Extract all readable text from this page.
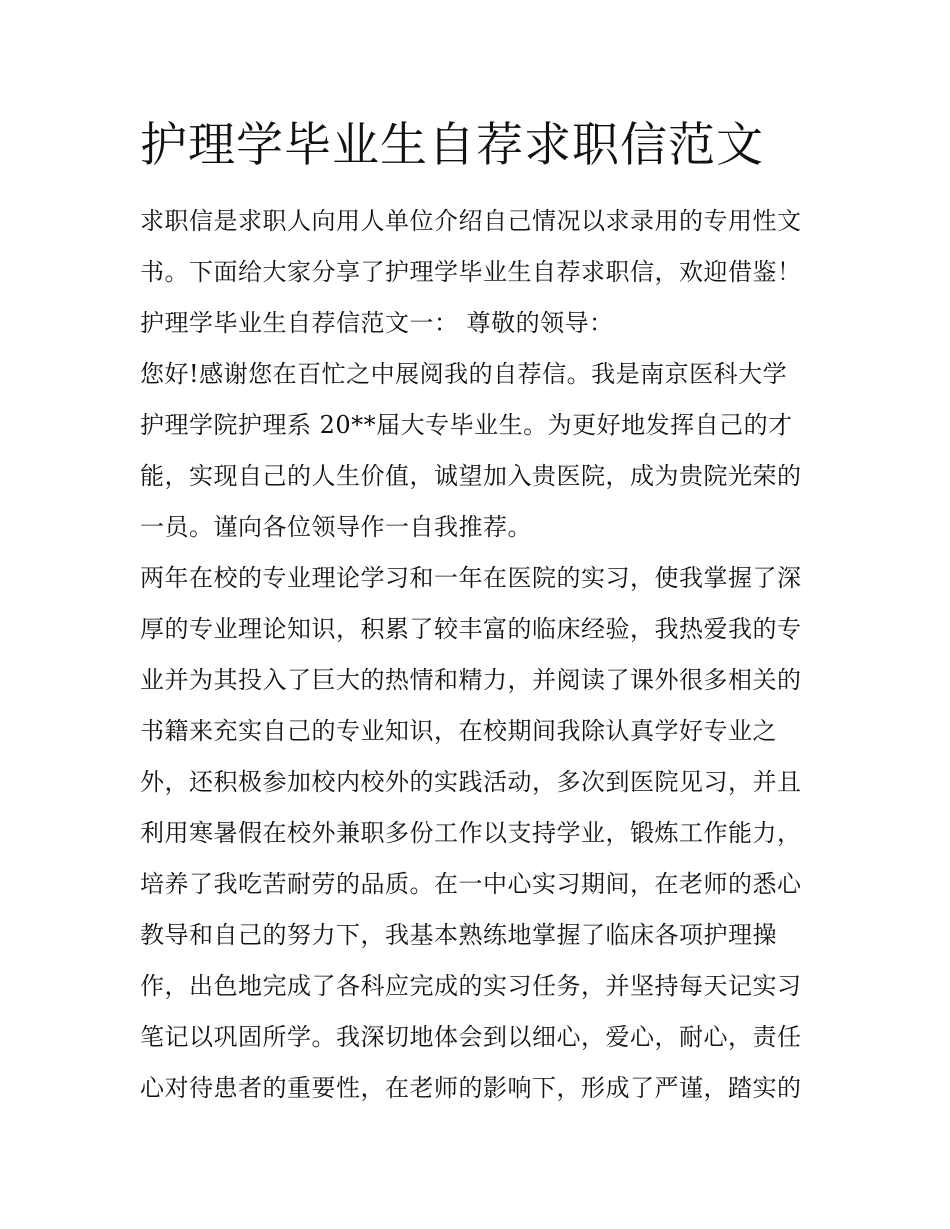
护理学毕业生自荐求职信范文
求职信是求职人向用人单位介绍自己情况以求录用的专用性文
书。下面给大家分享了护理学毕业生自荐求职信，欢迎借鉴！
护理学毕业生自荐信范文一： 尊敬的领导：
您好!感谢您在百忙之中展阅我的自荐信。我是南京医科大学
护理学院护理系 20**届大专毕业生。为更好地发挥自己的才
能，实现自己的人生价值，诚望加入贵医院，成为贵院光荣的
一员。谨向各位领导作一自我推荐。
两年在校的专业理论学习和一年在医院的实习，使我掌握了深
厚的专业理论知识，积累了较丰富的临床经验，我热爱我的专
业并为其投入了巨大的热情和精力，并阅读了课外很多相关的
书籍来充实自己的专业知识，在校期间我除认真学好专业之
外，还积极参加校内校外的实践活动，多次到医院见习，并且
利用寒暑假在校外兼职多份工作以支持学业，锻炼工作能力，
培养了我吃苦耐劳的品质。在一中心实习期间，在老师的悉心
教导和自己的努力下，我基本熟练地掌握了临床各项护理操
作，出色地完成了各科应完成的实习任务，并坚持每天记实习
笔记以巩固所学。我深切地体会到以细心，爱心，耐心，责任
心对待患者的重要性，在老师的影响下，形成了严谨，踏实的
